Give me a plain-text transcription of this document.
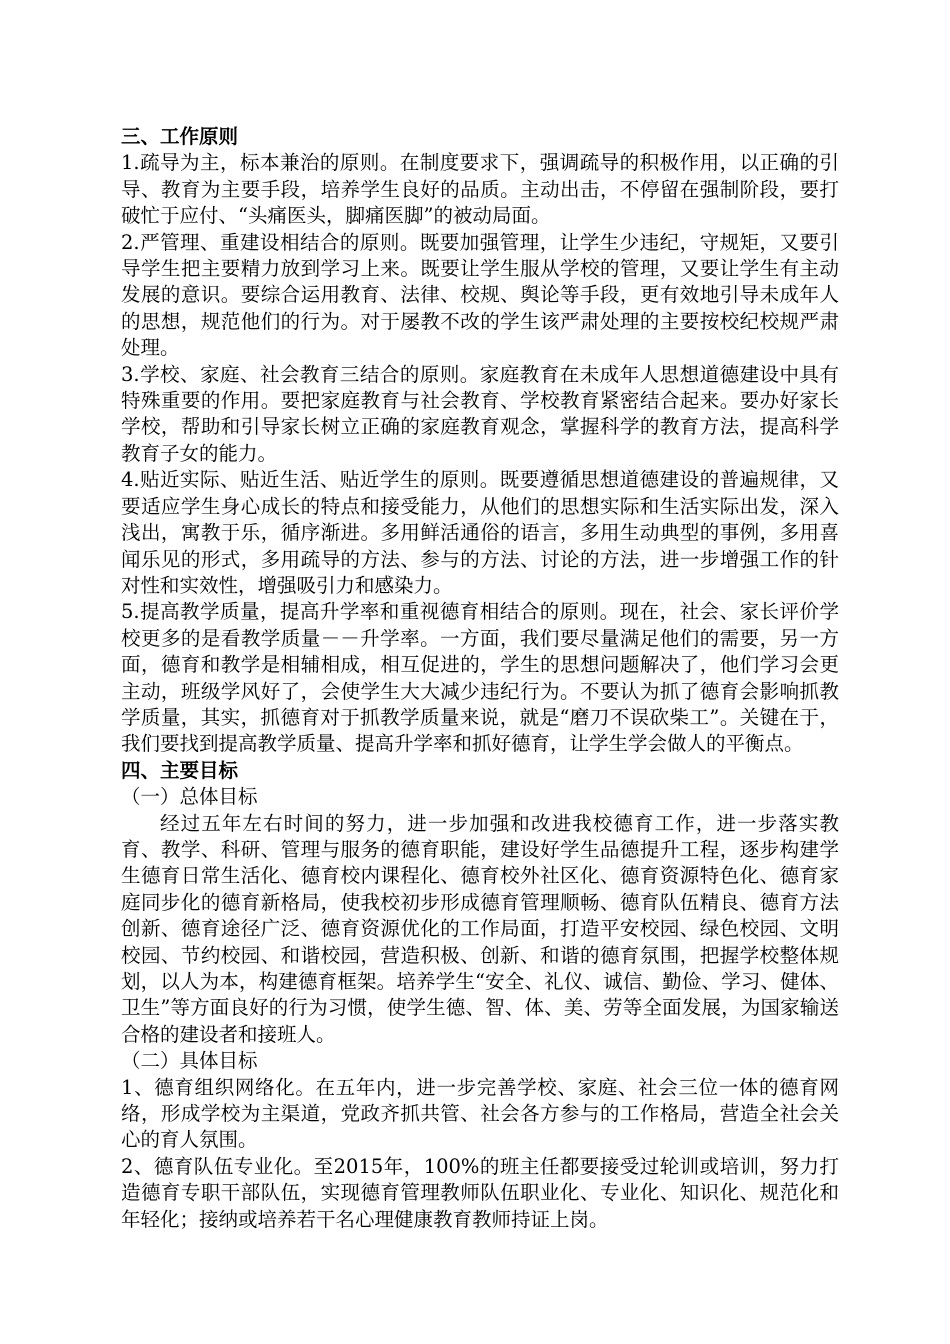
三、工作原则

1.疏导为主，标本兼治的原则。在制度要求下，强调疏导的积极作用，以正确的引导、教育为主要手段，培养学生良好的品质。主动出击，不停留在强制阶段，要打破忙于应付、“头痛医头，脚痛医脚”的被动局面。

2.严管理、重建设相结合的原则。既要加强管理，让学生少违纪，守规矩，又要引导学生把主要精力放到学习上来。既要让学生服从学校的管理，又要让学生有主动发展的意识。要综合运用教育、法律、校规、舆论等手段，更有效地引导未成年人的思想，规范他们的行为。对于屡教不改的学生该严肃处理的主要按校纪校规严肃处理。

3.学校、家庭、社会教育三结合的原则。家庭教育在未成年人思想道德建设中具有特殊重要的作用。要把家庭教育与社会教育、学校教育紧密结合起来。要办好家长学校，帮助和引导家长树立正确的家庭教育观念，掌握科学的教育方法，提高科学教育子女的能力。

4.贴近实际、贴近生活、贴近学生的原则。既要遵循思想道德建设的普遍规律，又要适应学生身心成长的特点和接受能力，从他们的思想实际和生活实际出发，深入浅出，寓教于乐，循序渐进。多用鲜活通俗的语言，多用生动典型的事例，多用喜闻乐见的形式，多用疏导的方法、参与的方法、讨论的方法，进一步增强工作的针对性和实效性，增强吸引力和感染力。

5.提高教学质量，提高升学率和重视德育相结合的原则。现在，社会、家长评价学校更多的是看教学质量－－升学率。一方面，我们要尽量满足他们的需要，另一方面，德育和教学是相辅相成，相互促进的，学生的思想问题解决了，他们学习会更主动，班级学风好了，会使学生大大减少违纪行为。不要认为抓了德育会影响抓教学质量，其实，抓德育对于抓教学质量来说，就是“磨刀不误砍柴工”。关键在于，我们要找到提高教学质量、提高升学率和抓好德育，让学生学会做人的平衡点。

四、主要目标

（一）总体目标

经过五年左右时间的努力，进一步加强和改进我校德育工作，进一步落实教育、教学、科研、管理与服务的德育职能，建设好学生品德提升工程，逐步构建学生德育日常生活化、德育校内课程化、德育校外社区化、德育资源特色化、德育家庭同步化的德育新格局，使我校初步形成德育管理顺畅、德育队伍精良、德育方法创新、德育途径广泛、德育资源优化的工作局面，打造平安校园、绿色校园、文明校园、节约校园、和谐校园，营造积极、创新、和谐的德育氛围，把握学校整体规划，以人为本，构建德育框架。培养学生“安全、礼仪、诚信、勤俭、学习、健体、卫生”等方面良好的行为习惯，使学生德、智、体、美、劳等全面发展，为国家输送合格的建设者和接班人。

（二）具体目标

1、德育组织网络化。在五年内，进一步完善学校、家庭、社会三位一体的德育网络，形成学校为主渠道，党政齐抓共管、社会各方参与的工作格局，营造全社会关心的育人氛围。

2、德育队伍专业化。至2015年，100%的班主任都要接受过轮训或培训，努力打造德育专职干部队伍，实现德育管理教师队伍职业化、专业化、知识化、规范化和年轻化；接纳或培养若干名心理健康教育教师持证上岗。
